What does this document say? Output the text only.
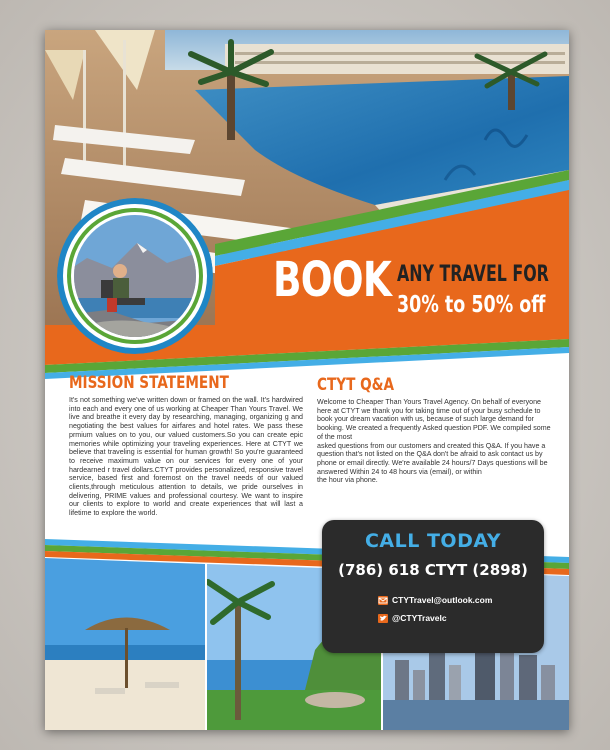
BOOK ANY TRAVEL FOR
30% to 50% off
MISSION STATEMENT
It's not something we've written down or framed on the wall. It's hardwired into each and every one of us working at Cheaper Than Yours Travel. We live and breathe it every day by researching, managing, organizing g and negotiating the best values for airfares and hotel rates. We pass these prmium values on to you, our valued customers.So you can create epic memories while optimizing your traveling experiences. Here at CTYT we believe that traveling is essential for human growth! So you're guaranteed to receive maximum value on our services for every one of your hardearned r travel dollars.CTYT provides personalized, responsive travel service, based first and foremost on the travel needs of our valued clients,through meticulous attention to details, we pride ourselves in delivering, PRIME values and professional courtesy. We want to inspire our clients to explore to world and create experiences that will last a lifetime to explore the world.
CTYT Q&A

Welcome to Cheaper Than Yours Travel Agency. On behalf of everyone here at CTYT we thank you for taking time out of your busy schedule to book your dream vacation with us, because of such large demand for booking. We created a frequently Asked question PDF. We compiled some of the most

asked questions from our customers and created this Q&A. If you have a question that's not listed on the Q&A don't be afraid to ask contact us by phone or email directly. We're available 24 hours/7 Days questions will be answered Within 24 to 48 hours via (email), or within

the hour via phone.

CALL TODAY
(786) 618 CTYT (2898)
CTYTravel@outlook.com
@CTYTravelc
